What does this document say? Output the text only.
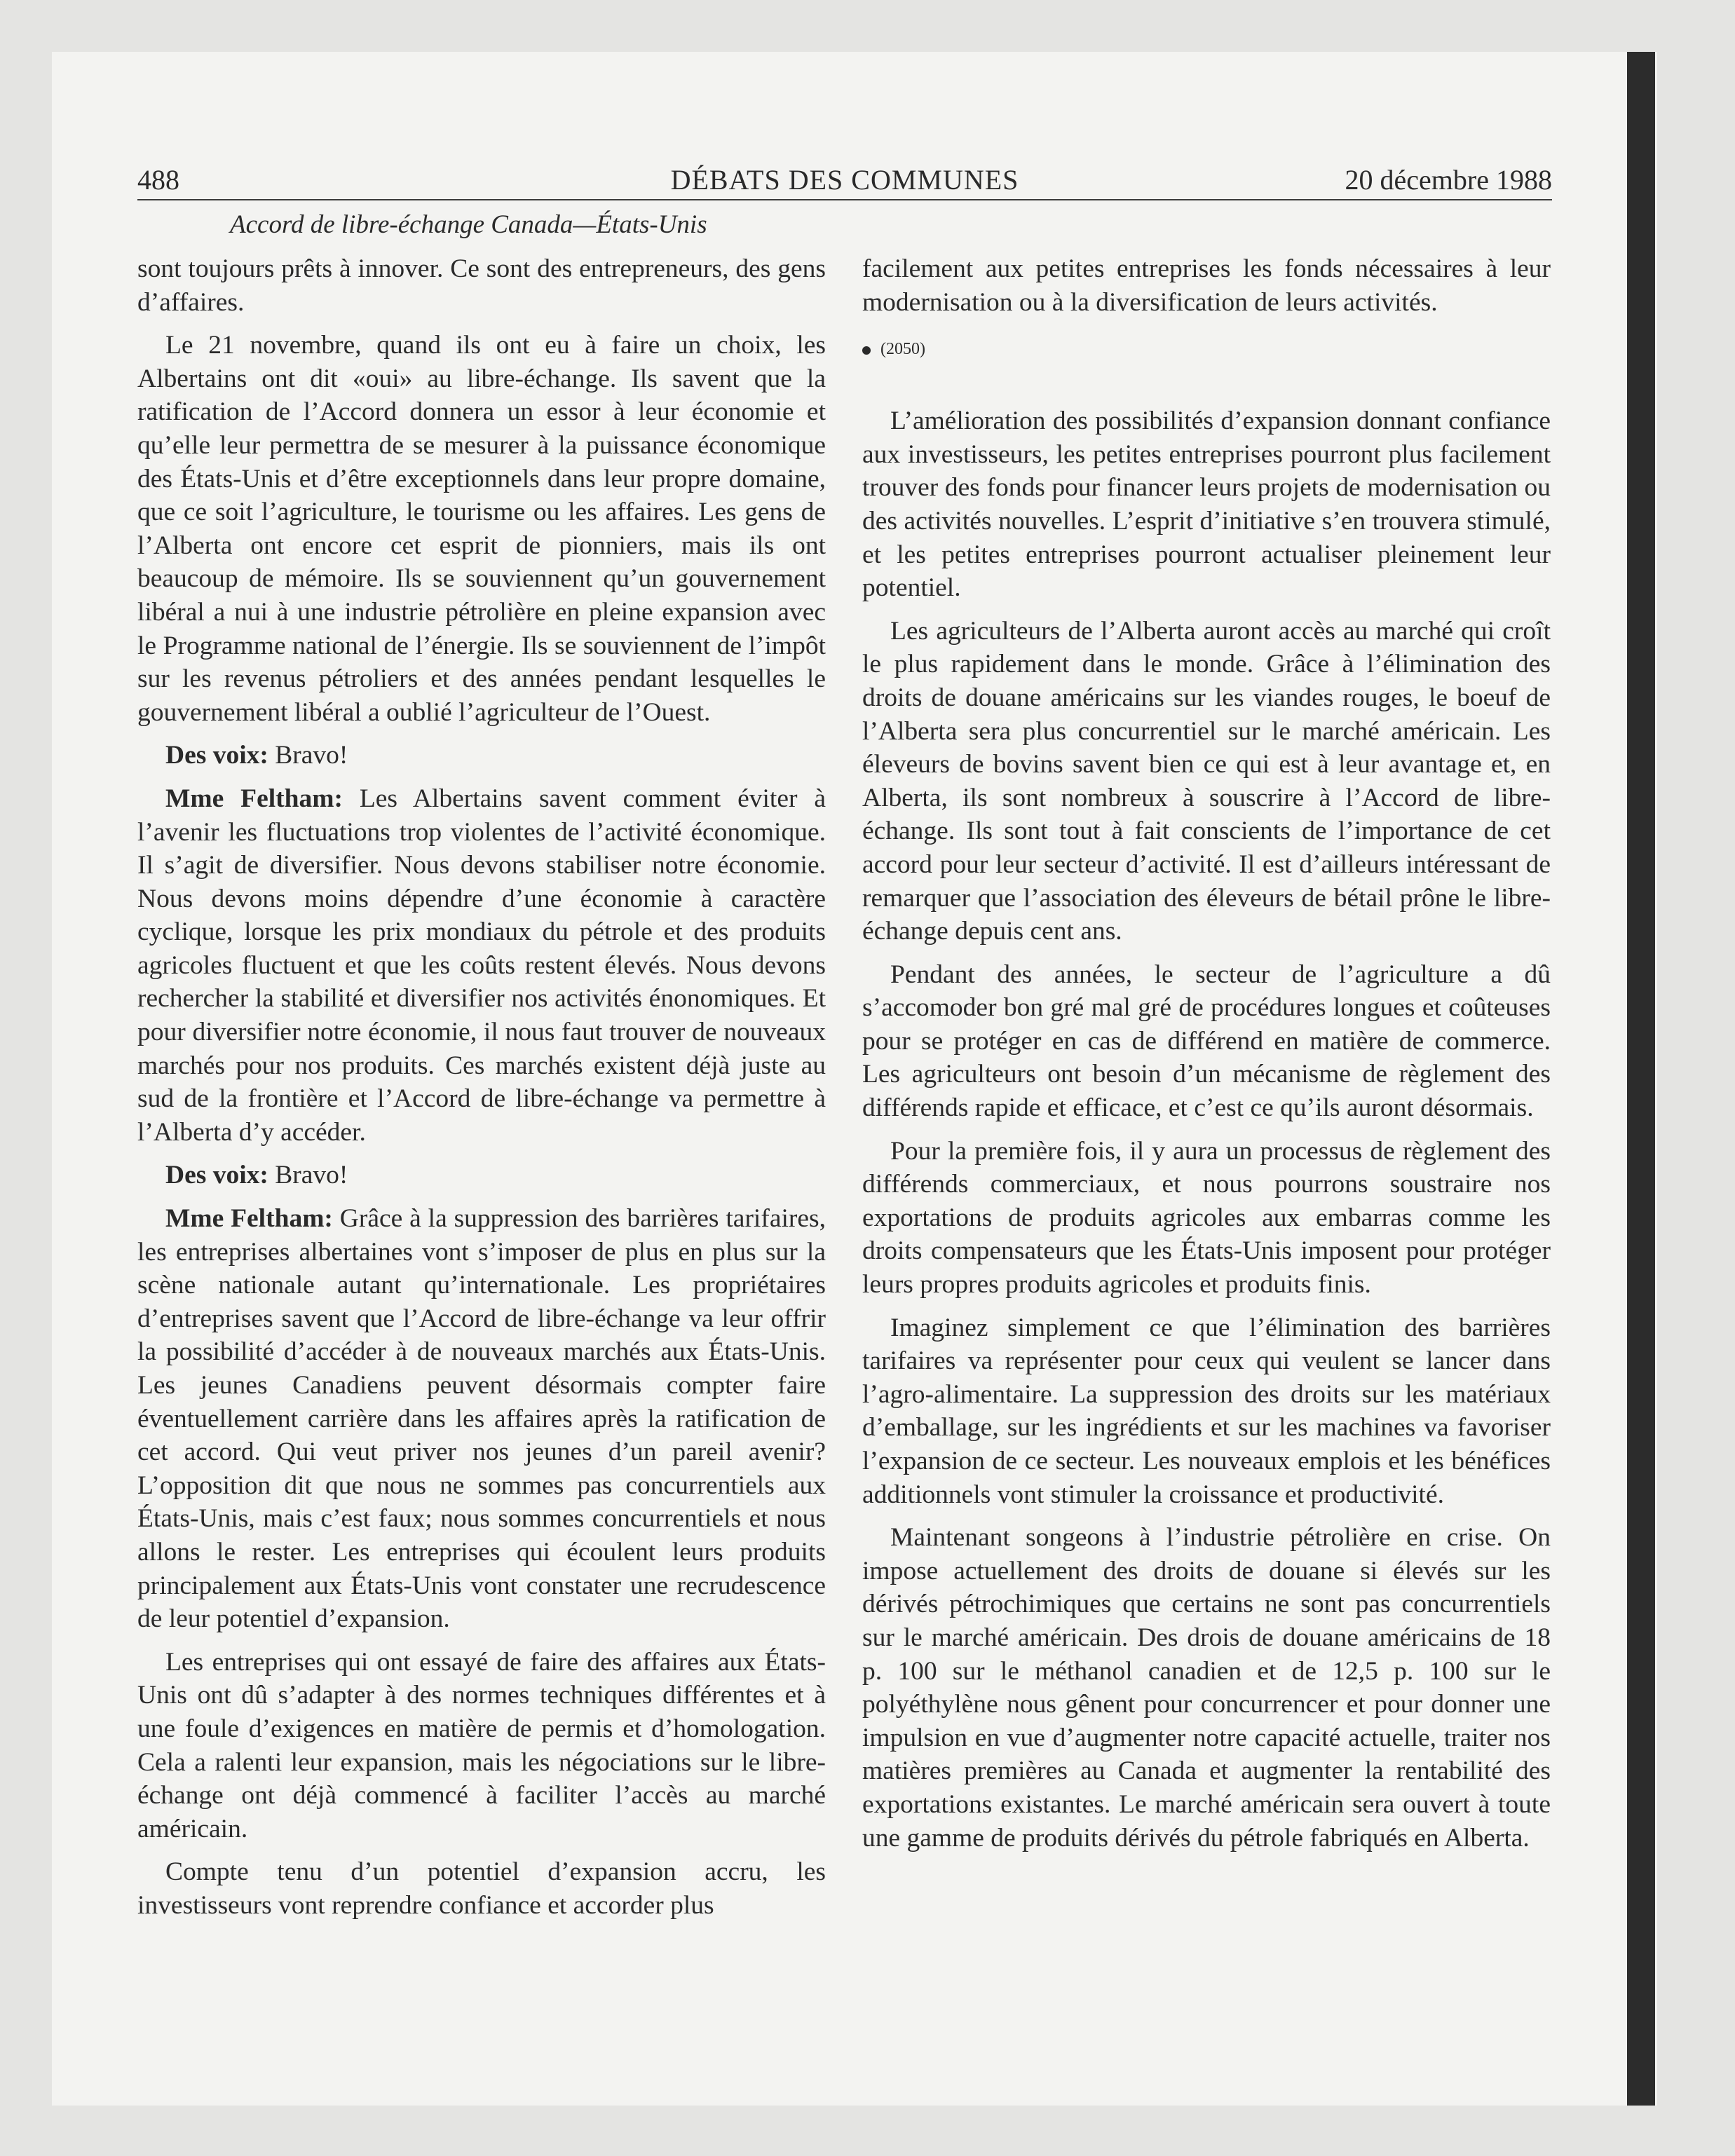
488	DÉBATS DES COMMUNES	20 décembre 1988
Accord de libre-échange Canada—États-Unis

sont toujours prêts à innover. Ce sont des entrepreneurs, des gens d’affaires.

Le 21 novembre, quand ils ont eu à faire un choix, les Albertains ont dit «oui» au libre-échange. Ils savent que la ratification de l’Accord donnera un essor à leur économie et qu’elle leur permettra de se mesurer à la puissance économique des États-Unis et d’être exceptionnels dans leur propre domaine, que ce soit l’agriculture, le tourisme ou les affaires. Les gens de l’Alberta ont encore cet esprit de pionniers, mais ils ont beaucoup de mémoire. Ils se souviennent qu’un gouvernement libéral a nui à une industrie pétrolière en pleine expansion avec le Programme national de l’énergie. Ils se souviennent de l’impôt sur les revenus pétroliers et des années pendant lesquelles le gouvernement libéral a oublié l’agriculteur de l’Ouest.

Des voix: Bravo!

Mme Feltham: Les Albertains savent comment éviter à l’avenir les fluctuations trop violentes de l’activité économique. Il s’agit de diversifier. Nous devons stabiliser notre économie. Nous devons moins dépendre d’une économie à caractère cyclique, lorsque les prix mondiaux du pétrole et des produits agricoles fluctuent et que les coûts restent élevés. Nous devons rechercher la stabilité et diversifier nos activités énonomiques. Et pour diversifier notre économie, il nous faut trouver de nouveaux marchés pour nos produits. Ces marchés existent déjà juste au sud de la frontière et l’Accord de libre-échange va permettre à l’Alberta d’y accéder.

Des voix: Bravo!

Mme Feltham: Grâce à la suppression des barrières tarifaires, les entreprises albertaines vont s’imposer de plus en plus sur la scène nationale autant qu’internationale. Les propriétaires d’entreprises savent que l’Accord de libre-échange va leur offrir la possibilité d’accéder à de nouveaux marchés aux États-Unis. Les jeunes Canadiens peuvent désormais compter faire éventuellement carrière dans les affaires après la ratification de cet accord. Qui veut priver nos jeunes d’un pareil avenir? L’opposition dit que nous ne sommes pas concurrentiels aux États-Unis, mais c’est faux; nous sommes concurrentiels et nous allons le rester. Les entreprises qui écoulent leurs produits principalement aux États-Unis vont constater une recrudescence de leur potentiel d’expansion.

Les entreprises qui ont essayé de faire des affaires aux États-Unis ont dû s’adapter à des normes techniques différentes et à une foule d’exigences en matière de permis et d’homologation. Cela a ralenti leur expansion, mais les négociations sur le libre-échange ont déjà commencé à faciliter l’accès au marché américain.

Compte tenu d’un potentiel d’expansion accru, les investisseurs vont reprendre confiance et accorder plus

facilement aux petites entreprises les fonds nécessaires à leur modernisation ou à la diversification de leurs activités.

(2050)

L’amélioration des possibilités d’expansion donnant confiance aux investisseurs, les petites entreprises pourront plus facilement trouver des fonds pour financer leurs projets de modernisation ou des activités nouvelles. L’esprit d’initiative s’en trouvera stimulé, et les petites entreprises pourront actualiser pleinement leur potentiel.

Les agriculteurs de l’Alberta auront accès au marché qui croît le plus rapidement dans le monde. Grâce à l’élimination des droits de douane américains sur les viandes rouges, le boeuf de l’Alberta sera plus concurrentiel sur le marché américain. Les éleveurs de bovins savent bien ce qui est à leur avantage et, en Alberta, ils sont nombreux à souscrire à l’Accord de libre-échange. Ils sont tout à fait conscients de l’importance de cet accord pour leur secteur d’activité. Il est d’ailleurs intéressant de remarquer que l’association des éleveurs de bétail prône le libre-échange depuis cent ans.

Pendant des années, le secteur de l’agriculture a dû s’accomoder bon gré mal gré de procédures longues et coûteuses pour se protéger en cas de différend en matière de commerce. Les agriculteurs ont besoin d’un mécanisme de règlement des différends rapide et efficace, et c’est ce qu’ils auront désormais.

Pour la première fois, il y aura un processus de règlement des différends commerciaux, et nous pourrons soustraire nos exportations de produits agricoles aux embarras comme les droits compensateurs que les États-Unis imposent pour protéger leurs propres produits agricoles et produits finis.

Imaginez simplement ce que l’élimination des barrières tarifaires va représenter pour ceux qui veulent se lancer dans l’agro-alimentaire. La suppression des droits sur les matériaux d’emballage, sur les ingrédients et sur les machines va favoriser l’expansion de ce secteur. Les nouveaux emplois et les bénéfices additionnels vont stimuler la croissance et productivité.

Maintenant songeons à l’industrie pétrolière en crise. On impose actuellement des droits de douane si élevés sur les dérivés pétrochimiques que certains ne sont pas concurrentiels sur le marché américain. Des drois de douane américains de 18 p. 100 sur le méthanol canadien et de 12,5 p. 100 sur le polyéthylène nous gênent pour concurrencer et pour donner une impulsion en vue d’augmenter notre capacité actuelle, traiter nos matières premières au Canada et augmenter la rentabilité des exportations existantes. Le marché américain sera ouvert à toute une gamme de produits dérivés du pétrole fabriqués en Alberta.
